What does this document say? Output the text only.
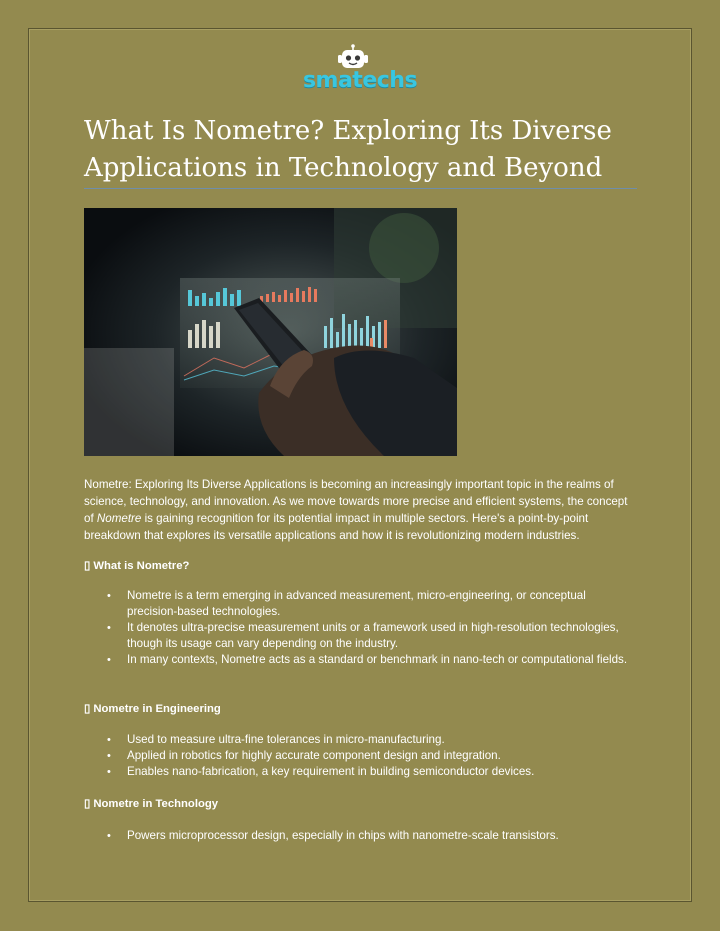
smatechs
What Is Nometre? Exploring Its Diverse Applications in Technology and Beyond

Nometre: Exploring Its Diverse Applications is becoming an increasingly important topic in the realms of science, technology, and innovation. As we move towards more precise and efficient systems, the concept of Nometre is gaining recognition for its potential impact in multiple sectors. Here's a point-by-point breakdown that explores its versatile applications and how it is revolutionizing modern industries.

▯ What is Nometre?
• Nometre is a term emerging in advanced measurement, micro-engineering, or conceptual precision-based technologies.
• It denotes ultra-precise measurement units or a framework used in high-resolution technologies, though its usage can vary depending on the industry.
• In many contexts, Nometre acts as a standard or benchmark in nano-tech or computational fields.
▯ Nometre in Engineering
• Used to measure ultra-fine tolerances in micro-manufacturing.
• Applied in robotics for highly accurate component design and integration.
• Enables nano-fabrication, a key requirement in building semiconductor devices.
▯ Nometre in Technology
• Powers microprocessor design, especially in chips with nanometre-scale transistors.
